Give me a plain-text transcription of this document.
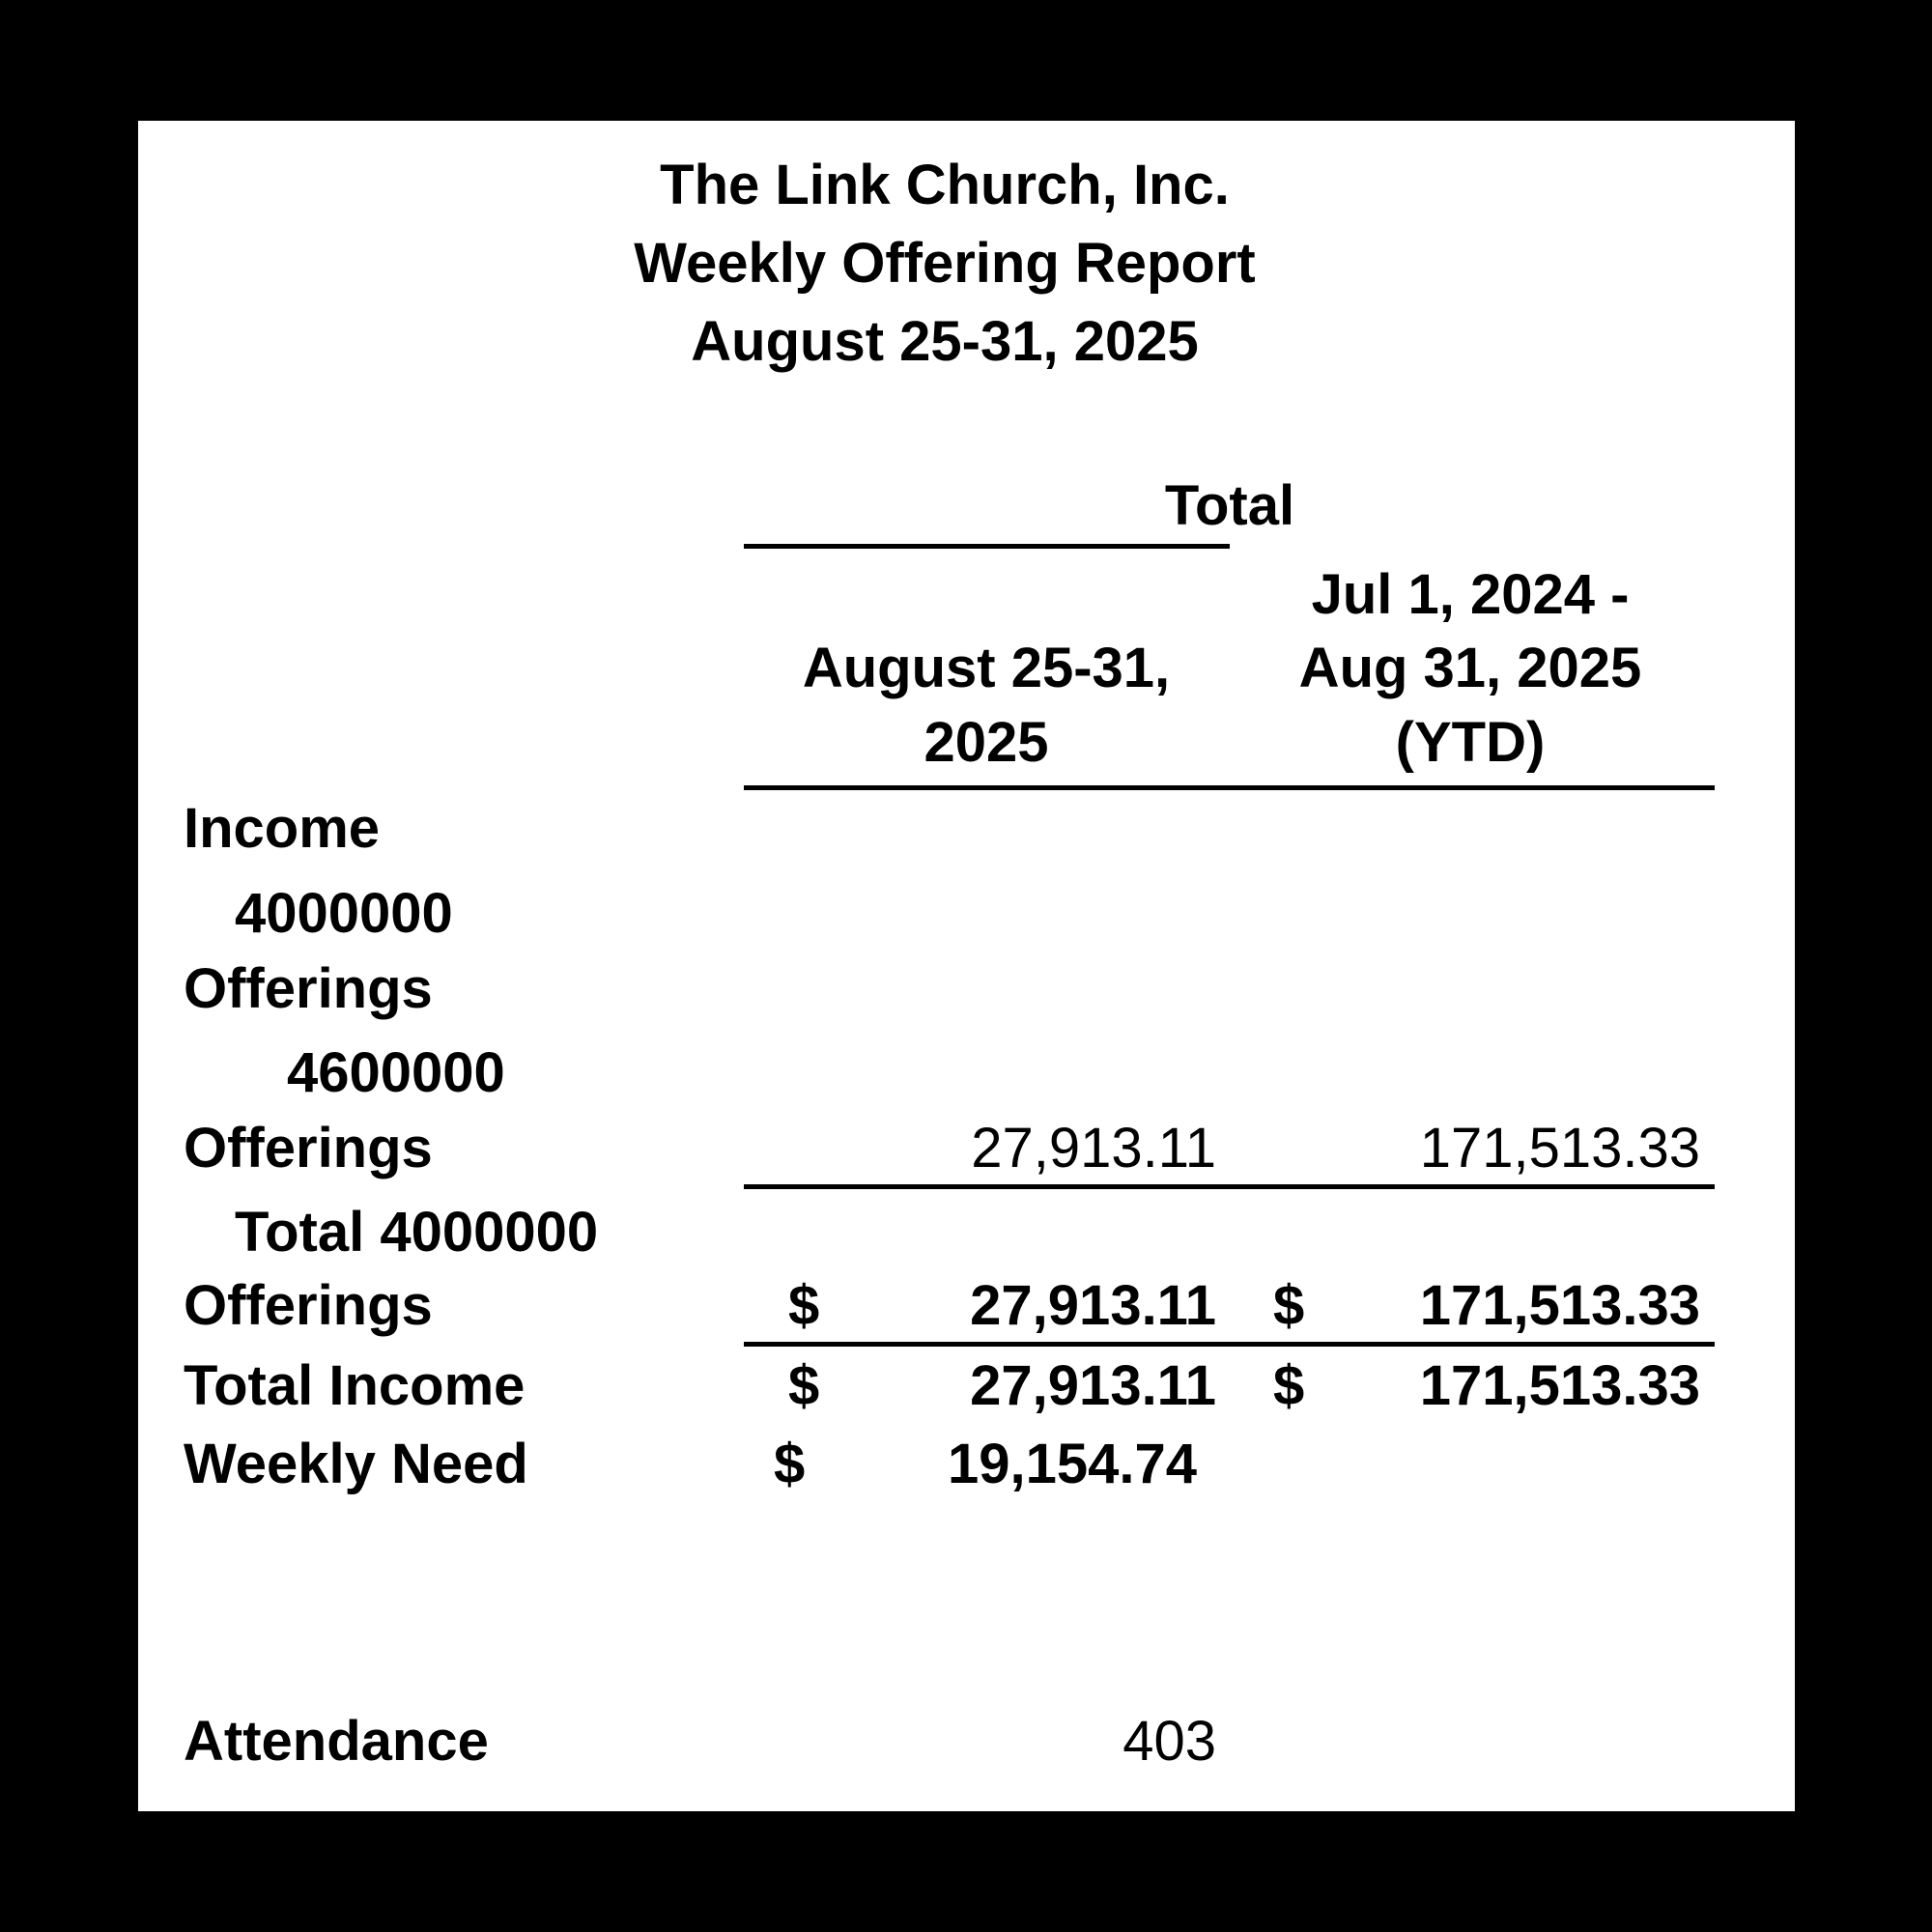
The Link Church, Inc.
Weekly Offering Report
August 25-31, 2025
Total
August 25-31,
2025
Jul 1, 2024 -
Aug 31, 2025
(YTD)
Income
4000000
Offerings
4600000
Offerings	27,913.11	171,513.33
Total 4000000
Offerings	$	27,913.11 $ 171,513.33
Total Income	$	27,913.11 $ 171,513.33
Weekly Need	$	19,154.74
Attendance	403
